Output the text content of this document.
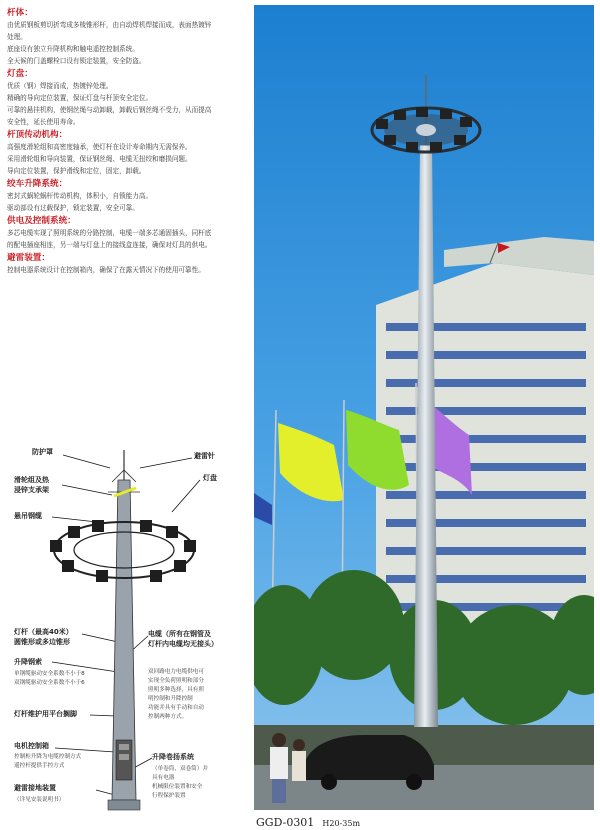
杆体：
由优质钢板剪切折弯成多棱锥形杆，由自动焊机焊接而成，表面热镀锌
处理。
底座设有独立升降机构和触电遥控控制系统。
全天候的门盖螺栓口设有锁定装置，安全防盗。
灯盘：
优质（钢）焊接而成，热镀锌处理。
精确的导向定位装置，保证灯盘与杆顶安全定位。
可靠的悬挂机构，使钢丝绳与动卸载，卸载后钢丝绳不受力，从而提高
安全性，延长使用寿命。
杆顶传动机构：
高强度滑轮组和高密度轴承，使灯杆在设计寿命期内无需保养。
采用滑轮组和导向装置，保证钢丝绳、电缆无扭绞和磨损问题。
导向定位装置，保护滑线和定位，固定，卸载。
绞车升降系统：
密封式蜗轮蜗杆传动机构，体积小，自锁能力高。
驱动部设有过载保护，锁定装置，安全可靠。
供电及控制系统：
多芯电缆实现了照明系统的分路控制，电缆一端多芯通固插头，同杆底
的配电插座相连，另一端与灯盘上的接线盒连接，确保对灯具的供电。
避雷装置：
控制电器系统设计在控制箱内，确保了在露天情况下的使用可靠性。
GGD-0301 H20-35m
防护罩	避雷针
滑轮组及热
浸锌支承架
灯盘
悬吊钢缆
灯杆（最高40米）
圆锥形或多边锥形
电缆（所有在钢管及
灯杆内电缆均无接头）
升降钢索
单钢缆驱动安全系数不小于8
双钢缆驱动安全系数不小于6
双回路电力电缆供电可
实现全负荷照明和部分
照明多种选择，具有照
明控制和升降控制
功能并具有手动和自动
控制两种方式。
灯杆维护用平台搁脚
电机控制箱
控制柜升降为电缆控制方式
遥控杆提供手控方式
升降卷扬系统
（单卷筒，双卷筒）并
具有电器
机械限位装置和安全
行程保护装置
避雷接地装置
（详见安装说明书）
